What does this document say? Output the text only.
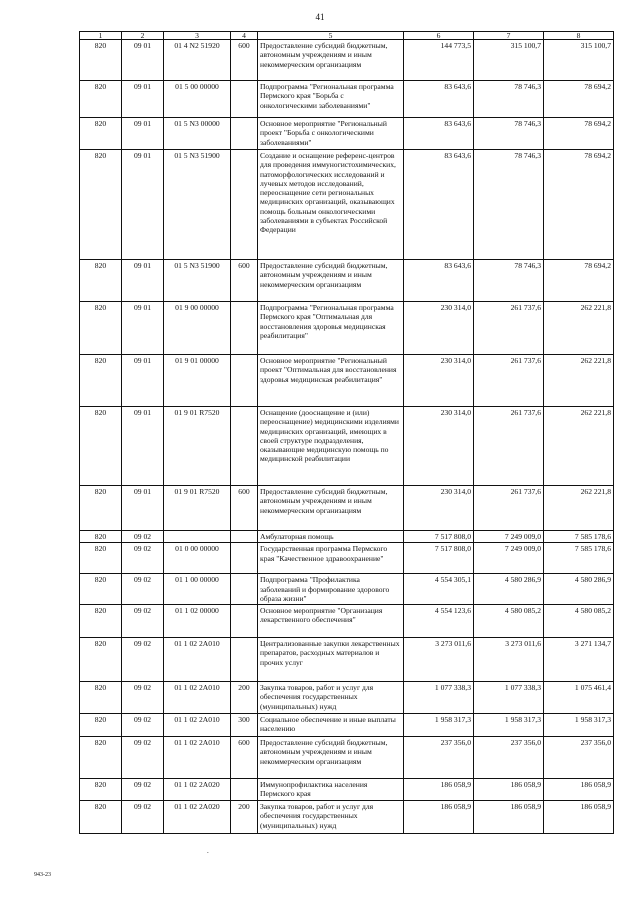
41
1	2	3	4	5	6	7	8
820	09 01	01 4 N2 51920	600	Предоставление субсидий бюджетным, автономным учреждениям и иным некоммерческим организациям	144 773,5	315 100,7	315 100,7
820	09 01	01 5 00 00000		Подпрограмма "Региональная программа Пермского края "Борьба с онкологическими заболеваниями"	83 643,6	78 746,3	78 694,2
820	09 01	01 5 N3 00000		Основное мероприятие "Региональный проект "Борьба с онкологическими заболеваниями"	83 643,6	78 746,3	78 694,2
820	09 01	01 5 N3 51900		Создание и оснащение референс-центров для проведения иммуногистохимических, патоморфологических исследований и лучевых методов исследований, переоснащение сети региональных медицинских организаций, оказывающих помощь больным онкологическими заболеваниями в субъектах Российской Федерации	83 643,6	78 746,3	78 694,2
820	09 01	01 5 N3 51900	600	Предоставление субсидий бюджетным, автономным учреждениям и иным некоммерческим организациям	83 643,6	78 746,3	78 694,2
820	09 01	01 9 00 00000		Подпрограмма "Региональная программа Пермского края "Оптимальная для восстановления здоровья медицинская реабилитация"	230 314,0	261 737,6	262 221,8
820	09 01	01 9 01 00000		Основное мероприятие "Региональный проект "Оптимальная для восстановления здоровья медицинская реабилитация"	230 314,0	261 737,6	262 221,8
820	09 01	01 9 01 R7520		Оснащение (дооснащение и (или) переоснащение) медицинскими изделиями медицинских организаций, имеющих в своей структуре подразделения, оказывающие медицинскую помощь по медицинской реабилитации	230 314,0	261 737,6	262 221,8
820	09 01	01 9 01 R7520	600	Предоставление субсидий бюджетным, автономным учреждениям и иным некоммерческим организациям	230 314,0	261 737,6	262 221,8
820	09 02			Амбулаторная помощь	7 517 808,0	7 249 009,0	7 585 178,6
820	09 02	01 0 00 00000		Государственная программа Пермского края "Качественное здравоохранение"	7 517 808,0	7 249 009,0	7 585 178,6
820	09 02	01 1 00 00000		Подпрограмма "Профилактика заболеваний и формирование здорового образа жизни"	4 554 305,1	4 580 286,9	4 580 286,9
820	09 02	01 1 02 00000		Основное мероприятие "Организация лекарственного обеспечения"	4 554 123,6	4 580 085,2	4 580 085,2
820	09 02	01 1 02 2A010		Централизованные закупки лекарственных препаратов, расходных материалов и прочих услуг	3 273 011,6	3 273 011,6	3 271 134,7
820	09 02	01 1 02 2A010	200	Закупка товаров, работ и услуг для обеспечения государственных (муниципальных) нужд	1 077 338,3	1 077 338,3	1 075 461,4
820	09 02	01 1 02 2A010	300	Социальное обеспечение и иные выплаты населению	1 958 317,3	1 958 317,3	1 958 317,3
820	09 02	01 1 02 2A010	600	Предоставление субсидий бюджетным, автономным учреждениям и иным некоммерческим организациям	237 356,0	237 356,0	237 356,0
820	09 02	01 1 02 2A020		Иммунопрофилактика населения Пермского края	186 058,9	186 058,9	186 058,9
820	09 02	01 1 02 2A020	200	Закупка товаров, работ и услуг для обеспечения государственных (муниципальных) нужд	186 058,9	186 058,9	186 058,9
.
943-23
